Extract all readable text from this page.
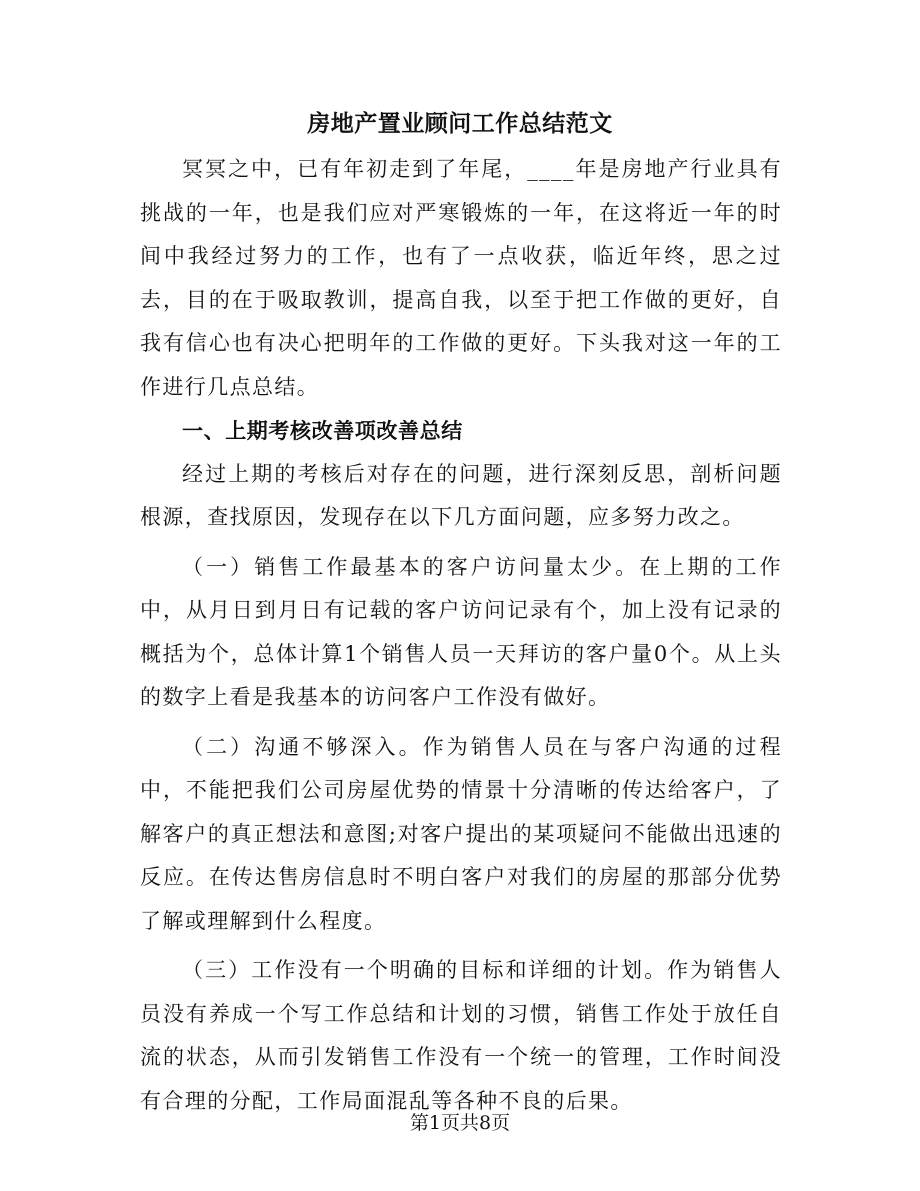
房地产置业顾问工作总结范文

冥冥之中，已有年初走到了年尾，____年是房地产行业具有挑战的一年，也是我们应对严寒锻炼的一年，在这将近一年的时间中我经过努力的工作，也有了一点收获，临近年终，思之过去，目的在于吸取教训，提高自我，以至于把工作做的更好，自我有信心也有决心把明年的工作做的更好。下头我对这一年的工作进行几点总结。

一、上期考核改善项改善总结

经过上期的考核后对存在的问题，进行深刻反思，剖析问题根源，查找原因，发现存在以下几方面问题，应多努力改之。

（一）销售工作最基本的客户访问量太少。在上期的工作中，从月日到月日有记载的客户访问记录有个，加上没有记录的概括为个，总体计算1个销售人员一天拜访的客户量0个。从上头的数字上看是我基本的访问客户工作没有做好。

（二）沟通不够深入。作为销售人员在与客户沟通的过程中，不能把我们公司房屋优势的情景十分清晰的传达给客户，了解客户的真正想法和意图;对客户提出的某项疑问不能做出迅速的反应。在传达售房信息时不明白客户对我们的房屋的那部分优势了解或理解到什么程度。

（三）工作没有一个明确的目标和详细的计划。作为销售人员没有养成一个写工作总结和计划的习惯，销售工作处于放任自流的状态，从而引发销售工作没有一个统一的管理，工作时间没有合理的分配，工作局面混乱等各种不良的后果。

第1页共8页
